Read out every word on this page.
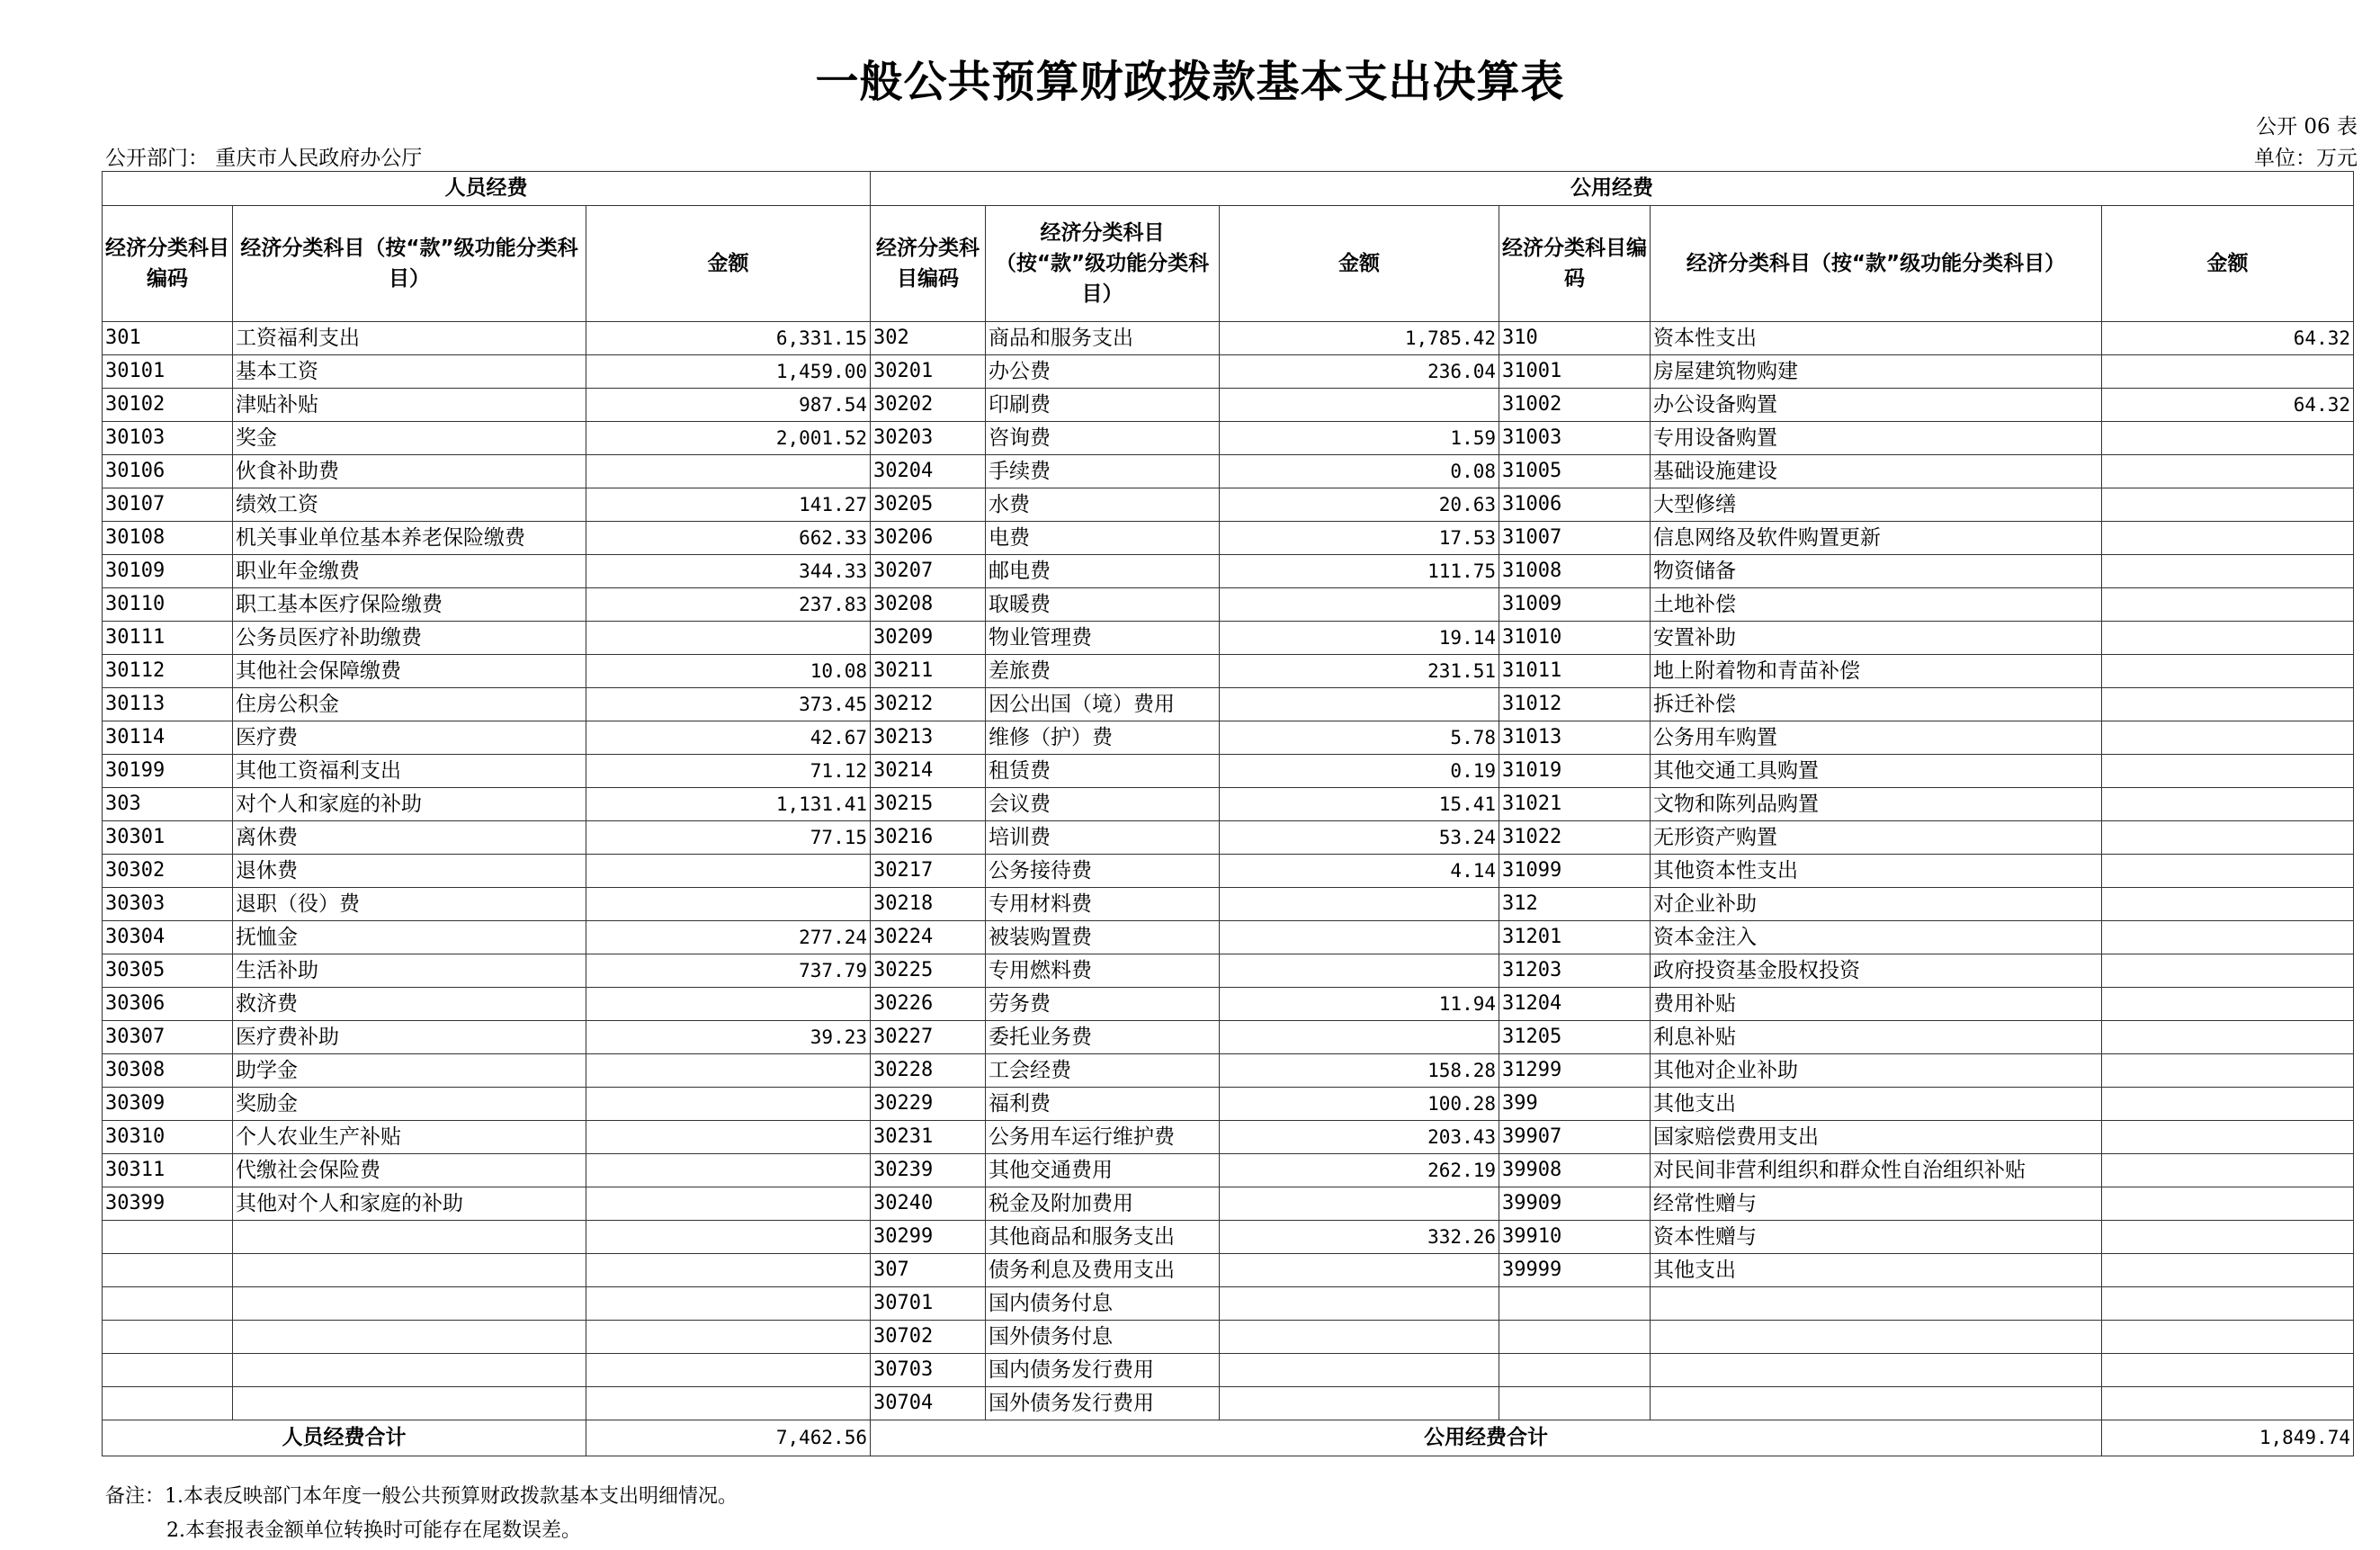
一般公共预算财政拨款基本支出决算表
公开 06 表
公开部门： 重庆市人民政府办公厅	单位：万元
人员经费			公用经费					
经济分类科目编码	经济分类科目（按“款”级功能分类科目）	金额	经济分类科目编码	经济分类科目（按“款”级功能分类科目）	金额	经济分类科目编码	经济分类科目（按“款”级功能分类科目）	金额
301	工资福利支出	6,331.15	302	商品和服务支出	1,785.42	310	资本性支出	64.32
30101	基本工资	1,459.00	30201	办公费	236.04	31001	房屋建筑物购建	
30102	津贴补贴	987.54	30202	印刷费		31002	办公设备购置	64.32
30103	奖金	2,001.52	30203	咨询费	1.59	31003	专用设备购置	
30106	伙食补助费		30204	手续费	0.08	31005	基础设施建设	
30107	绩效工资	141.27	30205	水费	20.63	31006	大型修缮	
30108	机关事业单位基本养老保险缴费	662.33	30206	电费	17.53	31007	信息网络及软件购置更新	
30109	职业年金缴费	344.33	30207	邮电费	111.75	31008	物资储备	
30110	职工基本医疗保险缴费	237.83	30208	取暖费		31009	土地补偿	
30111	公务员医疗补助缴费		30209	物业管理费	19.14	31010	安置补助	
30112	其他社会保障缴费	10.08	30211	差旅费	231.51	31011	地上附着物和青苗补偿	
30113	住房公积金	373.45	30212	因公出国（境）费用		31012	拆迁补偿	
30114	医疗费	42.67	30213	维修（护）费	5.78	31013	公务用车购置	
30199	其他工资福利支出	71.12	30214	租赁费	0.19	31019	其他交通工具购置	
303	对个人和家庭的补助	1,131.41	30215	会议费	15.41	31021	文物和陈列品购置	
30301	离休费	77.15	30216	培训费	53.24	31022	无形资产购置	
30302	退休费		30217	公务接待费	4.14	31099	其他资本性支出	
30303	退职（役）费		30218	专用材料费		312	对企业补助	
30304	抚恤金	277.24	30224	被装购置费		31201	资本金注入	
30305	生活补助	737.79	30225	专用燃料费		31203	政府投资基金股权投资	
30306	救济费		30226	劳务费	11.94	31204	费用补贴	
30307	医疗费补助	39.23	30227	委托业务费		31205	利息补贴	
30308	助学金		30228	工会经费	158.28	31299	其他对企业补助	
30309	奖励金		30229	福利费	100.28	399	其他支出	
30310	个人农业生产补贴		30231	公务用车运行维护费	203.43	39907	国家赔偿费用支出	
30311	代缴社会保险费		30239	其他交通费用	262.19	39908	对民间非营利组织和群众性自治组织补贴	
30399	其他对个人和家庭的补助		30240	税金及附加费用		39909	经常性赠与	
			30299	其他商品和服务支出	332.26	39910	资本性赠与	
			307	债务利息及费用支出		39999	其他支出	
			30701	国内债务付息				
			30702	国外债务付息				
			30703	国内债务发行费用				
			30704	国外债务发行费用				
人员经费合计		7,462.56	公用经费合计					1,849.74
备注：1.本表反映部门本年度一般公共预算财政拨款基本支出明细情况。
2.本套报表金额单位转换时可能存在尾数误差。
